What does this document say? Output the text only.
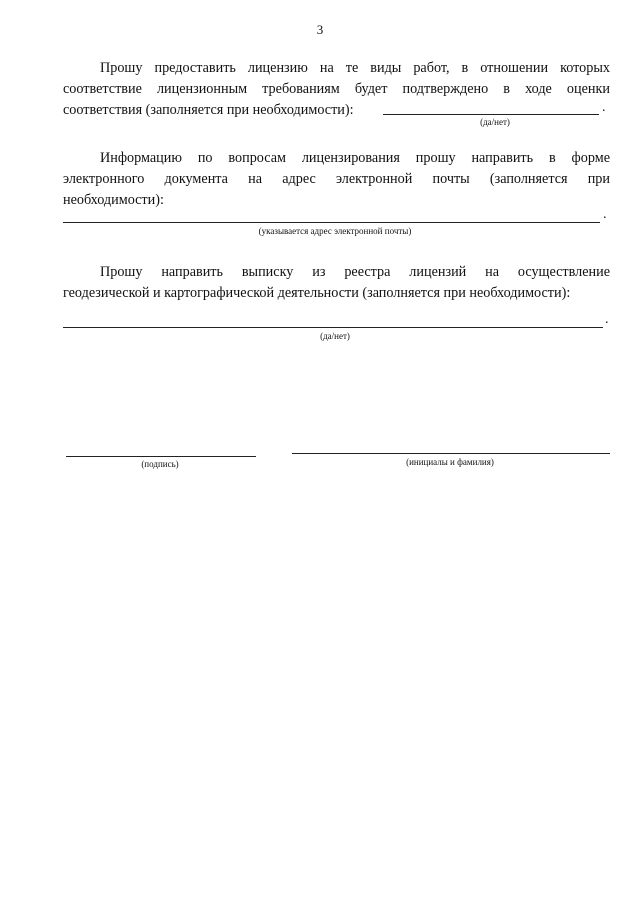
3
Прошу предоставить лицензию на те виды работ, в отношении которых
соответствие лицензионным требованиям будет подтверждено в ходе оценки
соответствия (заполняется при необходимости):	.
(да/нет)
Информацию по вопросам лицензирования прошу направить в форме
электронного документа на адрес электронной почты (заполняется при
необходимости):
.
(указывается адрес электронной почты)
Прошу направить выписку из реестра лицензий на осуществление
геодезической и картографической деятельности (заполняется при необходимости):
.
(да/нет)
(подпись)	(инициалы и фамилия)
